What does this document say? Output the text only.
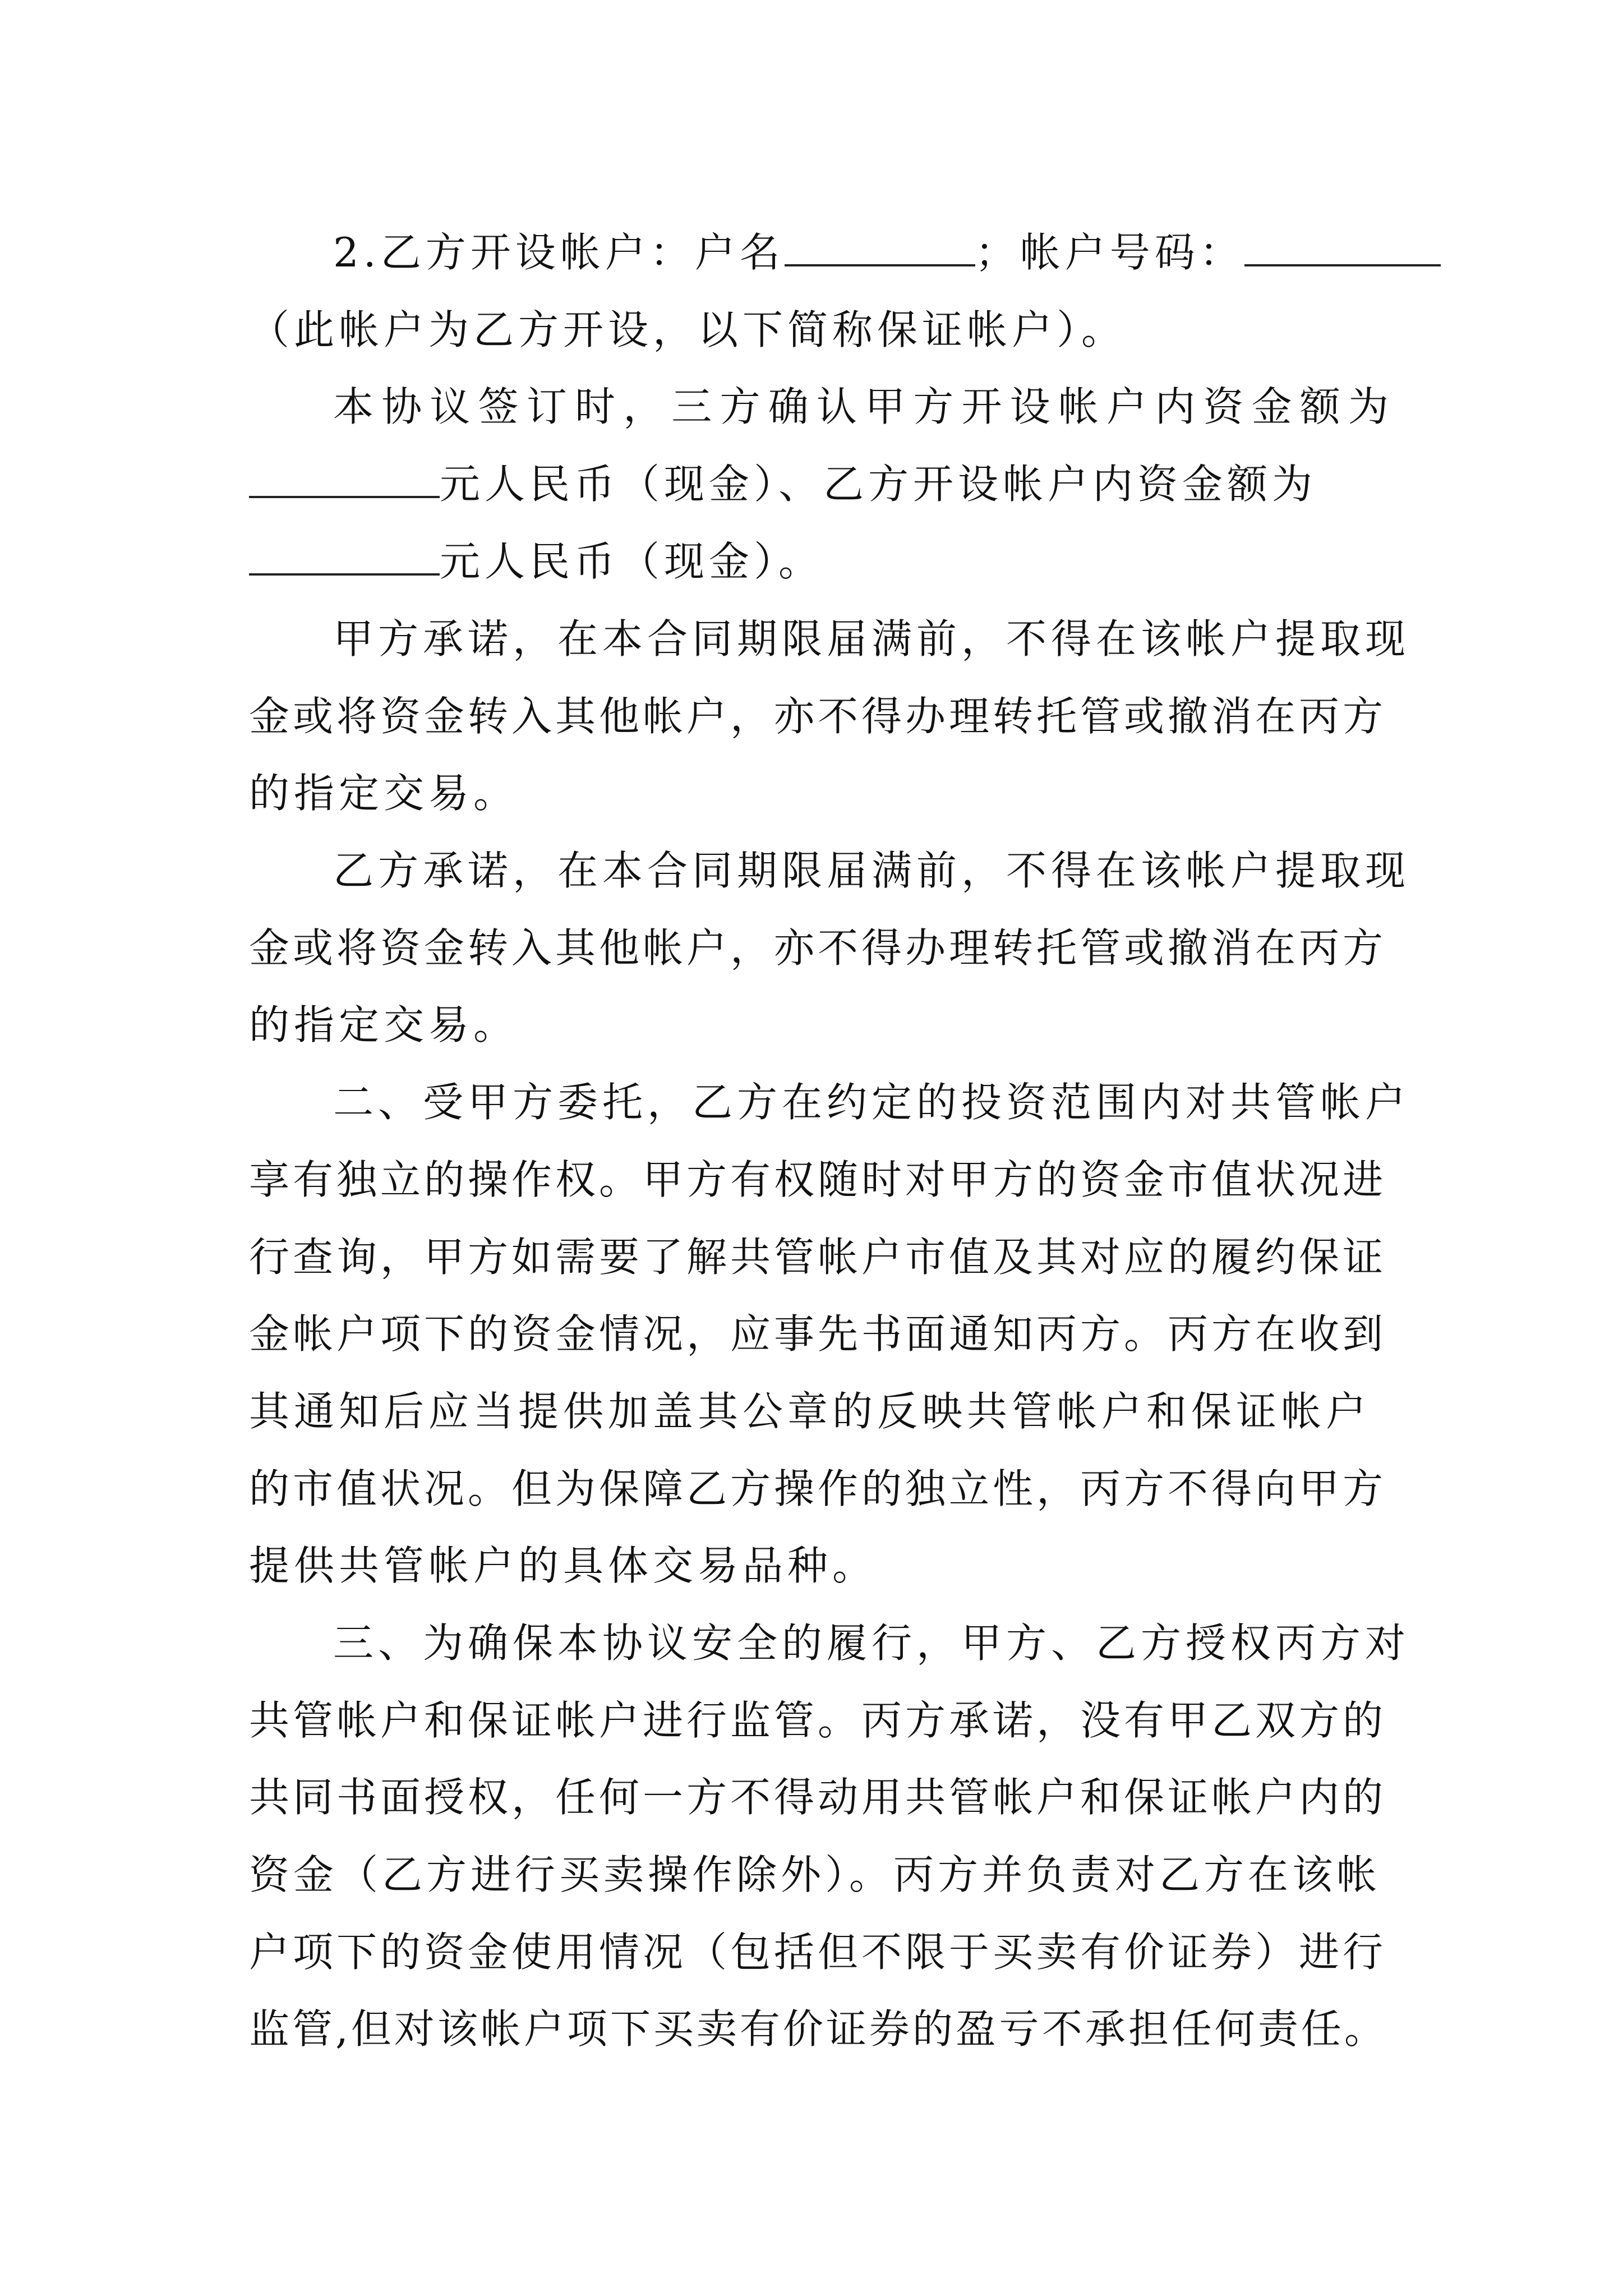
2.乙方开设帐户：户名	；帐户号码：
（此帐户为乙方开设，以下简称保证帐户）。
本协议签订时，三方确认甲方开设帐户内资金额为
元人民币（现金）、乙方开设帐户内资金额为
元人民币（现金）。
甲方承诺，在本合同期限届满前，不得在该帐户提取现
金或将资金转入其他帐户，亦不得办理转托管或撤消在丙方
的指定交易。
乙方承诺，在本合同期限届满前，不得在该帐户提取现
金或将资金转入其他帐户，亦不得办理转托管或撤消在丙方
的指定交易。
二、受甲方委托，乙方在约定的投资范围内对共管帐户
享有独立的操作权。甲方有权随时对甲方的资金市值状况进
行查询，甲方如需要了解共管帐户市值及其对应的履约保证
金帐户项下的资金情况，应事先书面通知丙方。丙方在收到
其通知后应当提供加盖其公章的反映共管帐户和保证帐户
的市值状况。但为保障乙方操作的独立性，丙方不得向甲方
提供共管帐户的具体交易品种。
三、为确保本协议安全的履行，甲方、乙方授权丙方对
共管帐户和保证帐户进行监管。丙方承诺，没有甲乙双方的
共同书面授权，任何一方不得动用共管帐户和保证帐户内的
资金（乙方进行买卖操作除外）。丙方并负责对乙方在该帐
户项下的资金使用情况（包括但不限于买卖有价证券）进行
监管,但对该帐户项下买卖有价证券的盈亏不承担任何责任。
